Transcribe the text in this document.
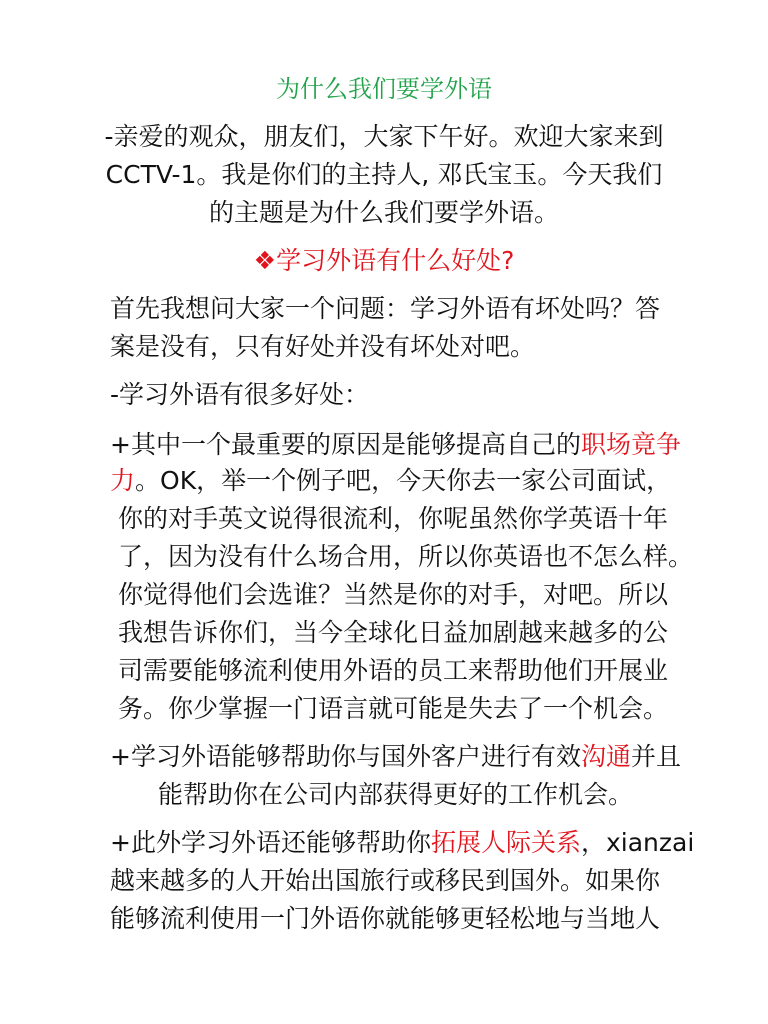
为什么我们要学外语
-亲爱的观众，朋友们，大家下午好。欢迎大家来到
CCTV-1。我是你们的主持人, 邓氏宝玉。今天我们
的主题是为什么我们要学外语。
❖学习外语有什么好处?
首先我想问大家一个问题：学习外语有坏处吗？答
案是没有，只有好处并没有坏处对吧。
-学习外语有很多好处：
+其中一个最重要的原因是能够提高自己的职场竟争
力。OK，举一个例子吧，今天你去一家公司面试，
你的对手英文说得很流利，你呢虽然你学英语十年
了，因为没有什么场合用，所以你英语也不怎么样。
你觉得他们会选谁？当然是你的对手，对吧。所以
我想告诉你们，当今全球化日益加剧越来越多的公
司需要能够流利使用外语的员工来帮助他们开展业
务。你少掌握一门语言就可能是失去了一个机会。
+学习外语能够帮助你与国外客户进行有效沟通并且
能帮助你在公司内部获得更好的工作机会。
+此外学习外语还能够帮助你拓展人际关系，xianzai
越来越多的人开始出国旅行或移民到国外。如果你
能够流利使用一门外语你就能够更轻松地与当地人
